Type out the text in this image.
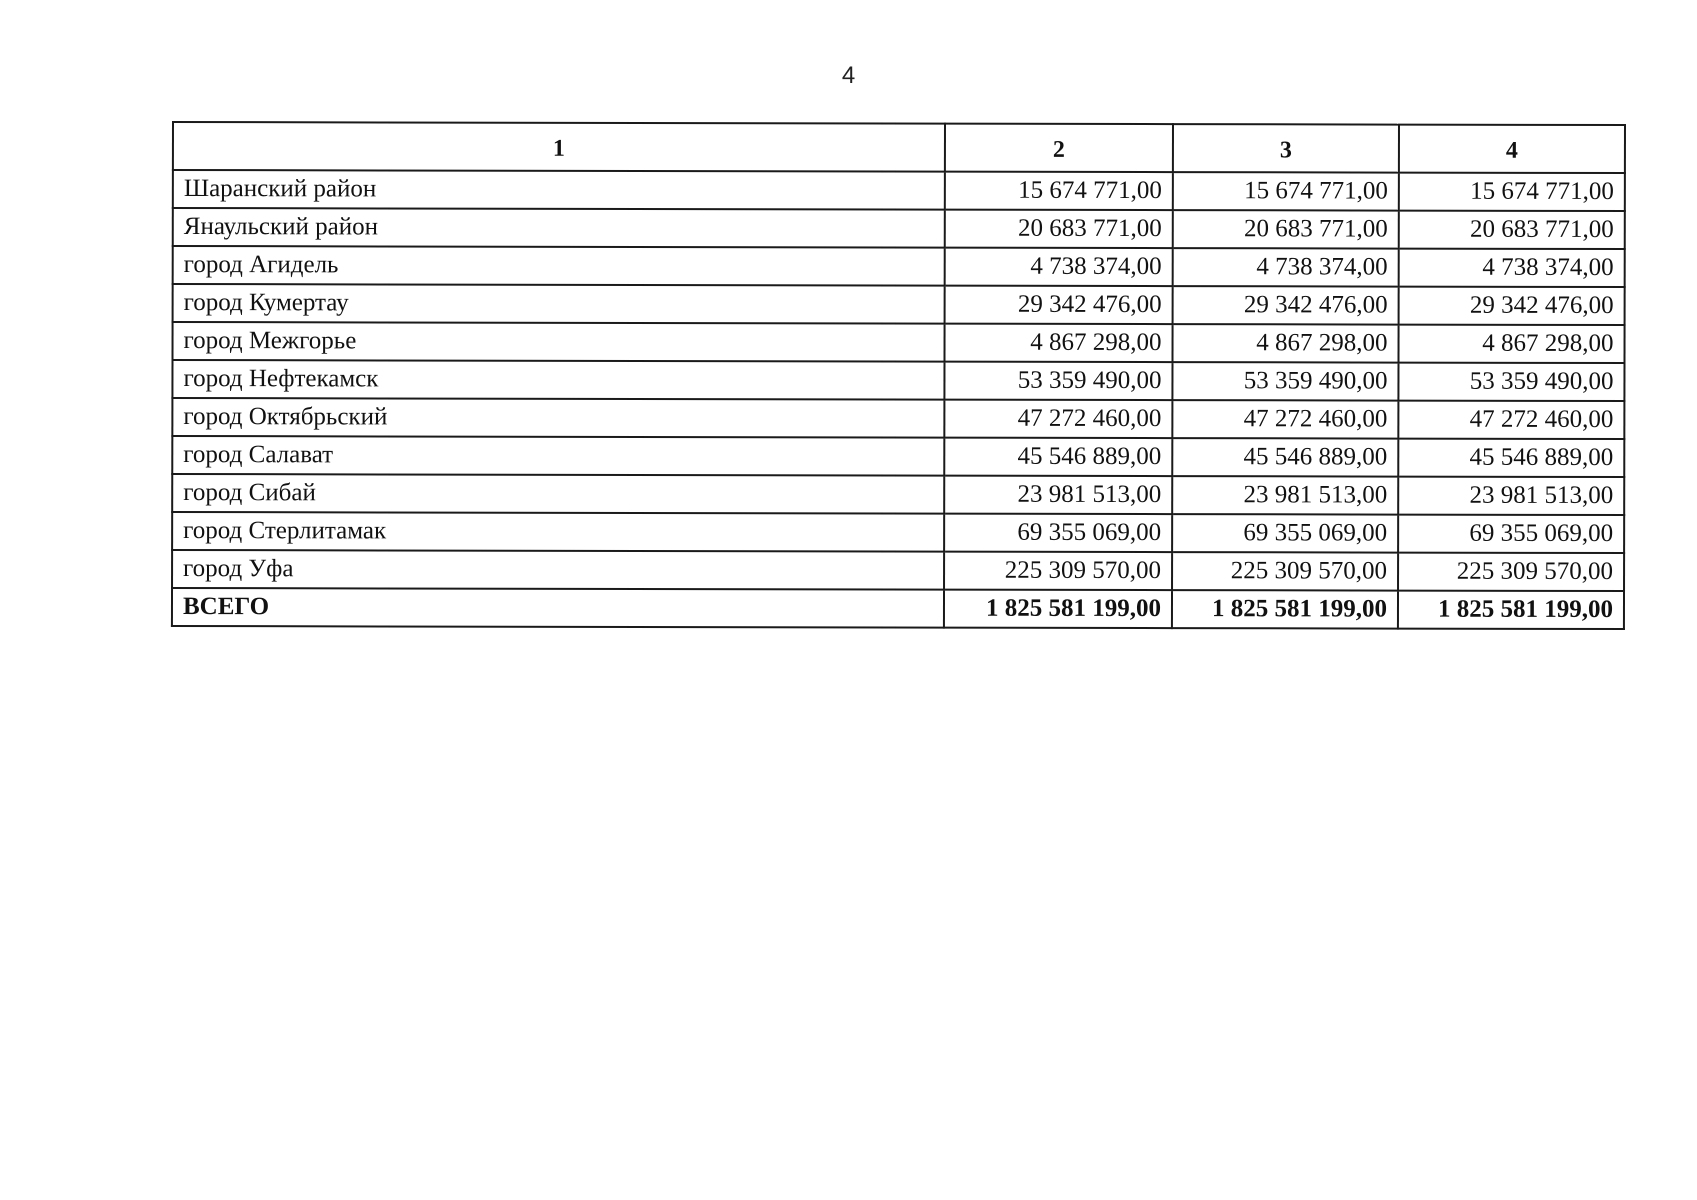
4
1	2	3	4
Шаранский район	15 674 771,00	15 674 771,00	15 674 771,00
Янаульский район	20 683 771,00	20 683 771,00	20 683 771,00
город Агидель	4 738 374,00	4 738 374,00	4 738 374,00
город Кумертау	29 342 476,00	29 342 476,00	29 342 476,00
город Межгорье	4 867 298,00	4 867 298,00	4 867 298,00
город Нефтекамск	53 359 490,00	53 359 490,00	53 359 490,00
город Октябрьский	47 272 460,00	47 272 460,00	47 272 460,00
город Салават	45 546 889,00	45 546 889,00	45 546 889,00
город Сибай	23 981 513,00	23 981 513,00	23 981 513,00
город Стерлитамак	69 355 069,00	69 355 069,00	69 355 069,00
город Уфа	225 309 570,00	225 309 570,00	225 309 570,00
ВСЕГО	1 825 581 199,00	1 825 581 199,00	1 825 581 199,00
